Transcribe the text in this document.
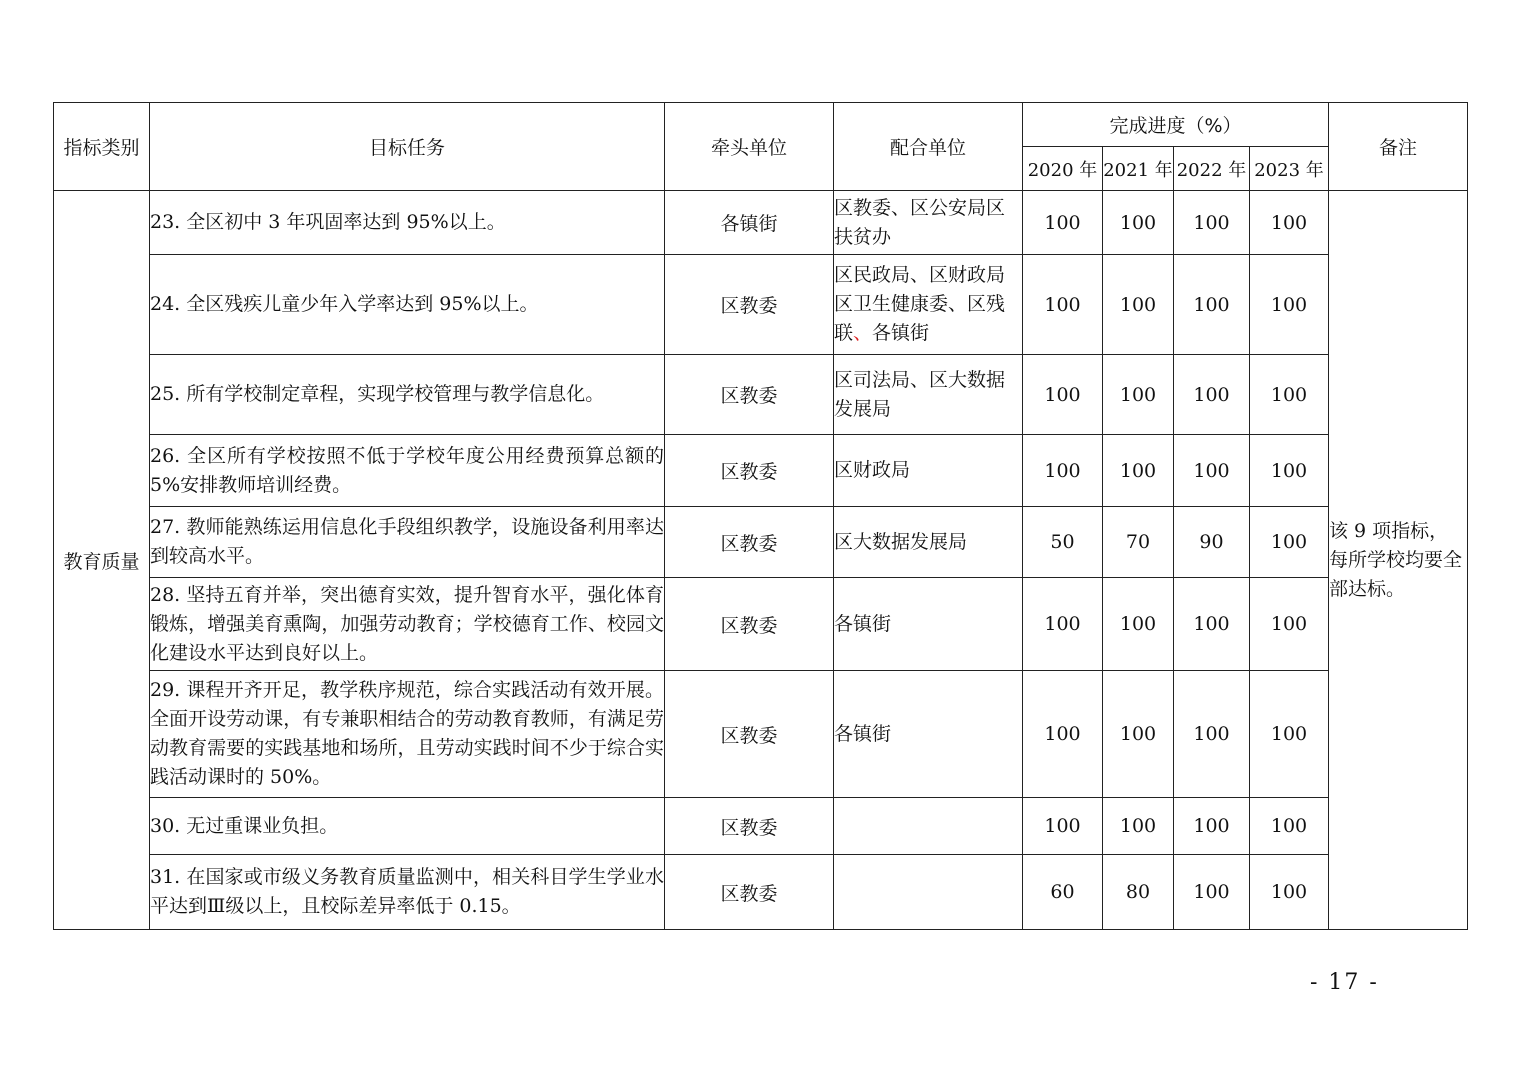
指标类别	目标任务	牵头单位	配合单位	完成进度（%）				备注
				2020 年	2021 年	2022 年	2023 年	
教育质量	23. 全区初中 3 年巩固率达到 95%以上。	各镇街	区教委、区公安局区扶贫办	100	100	100	100	该 9 项指标，每所学校均要全部达标。
	24. 全区残疾儿童少年入学率达到 95%以上。	区教委	区民政局、区财政局区卫生健康委、区残联、各镇街	100	100	100	100	
	25. 所有学校制定章程，实现学校管理与教学信息化。	区教委	区司法局、区大数据发展局	100	100	100	100	
	26. 全区所有学校按照不低于学校年度公用经费预算总额的 5%安排教师培训经费。	区教委	区财政局	100	100	100	100	
	27. 教师能熟练运用信息化手段组织教学，设施设备利用率达到较高水平。	区教委	区大数据发展局	50	70	90	100	
	28. 坚持五育并举，突出德育实效，提升智育水平，强化体育锻炼，增强美育熏陶，加强劳动教育；学校德育工作、校园文化建设水平达到良好以上。	区教委	各镇街	100	100	100	100	
	29. 课程开齐开足，教学秩序规范，综合实践活动有效开展。全面开设劳动课，有专兼职相结合的劳动教育教师，有满足劳动教育需要的实践基地和场所，且劳动实践时间不少于综合实践活动课时的 50%。	区教委	各镇街	100	100	100	100	
	30. 无过重课业负担。	区教委		100	100	100	100	
	31. 在国家或市级义务教育质量监测中，相关科目学生学业水平达到Ⅲ级以上，且校际差异率低于 0.15。	区教委		60	80	100	100	
- 17 -
